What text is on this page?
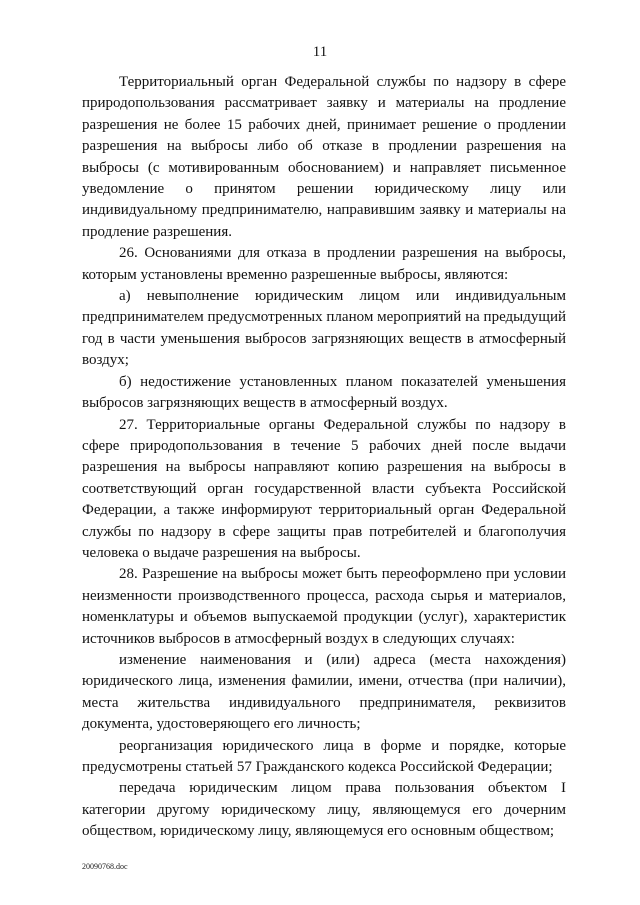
11

Территориальный орган Федеральной службы по надзору в сфере природопользования рассматривает заявку и материалы на продление разрешения не более 15 рабочих дней, принимает решение о продлении разрешения на выбросы либо об отказе в продлении разрешения на выбросы (с мотивированным обоснованием) и направляет письменное уведомление о принятом решении юридическому лицу или индивидуальному предпринимателю, направившим заявку и материалы на продление разрешения.

26. Основаниями для отказа в продлении разрешения на выбросы, которым установлены временно разрешенные выбросы, являются:

а) невыполнение юридическим лицом или индивидуальным предпринимателем предусмотренных планом мероприятий на предыдущий год в части уменьшения выбросов загрязняющих веществ в атмосферный воздух;

б) недостижение установленных планом показателей уменьшения выбросов загрязняющих веществ в атмосферный воздух.

27. Территориальные органы Федеральной службы по надзору в сфере природопользования в течение 5 рабочих дней после выдачи разрешения на выбросы направляют копию разрешения на выбросы в соответствующий орган государственной власти субъекта Российской Федерации, а также информируют территориальный орган Федеральной службы по надзору в сфере защиты прав потребителей и благополучия человека о выдаче разрешения на выбросы.

28. Разрешение на выбросы может быть переоформлено при условии неизменности производственного процесса, расхода сырья и материалов, номенклатуры и объемов выпускаемой продукции (услуг), характеристик источников выбросов в атмосферный воздух в следующих случаях:

изменение наименования и (или) адреса (места нахождения) юридического лица, изменения фамилии, имени, отчества (при наличии), места жительства индивидуального предпринимателя, реквизитов документа, удостоверяющего его личность;

реорганизация юридического лица в форме и порядке, которые предусмотрены статьей 57 Гражданского кодекса Российской Федерации;

передача юридическим лицом права пользования объектом I категории другому юридическому лицу, являющемуся его дочерним обществом, юридическому лицу, являющемуся его основным обществом;

20090768.doc
